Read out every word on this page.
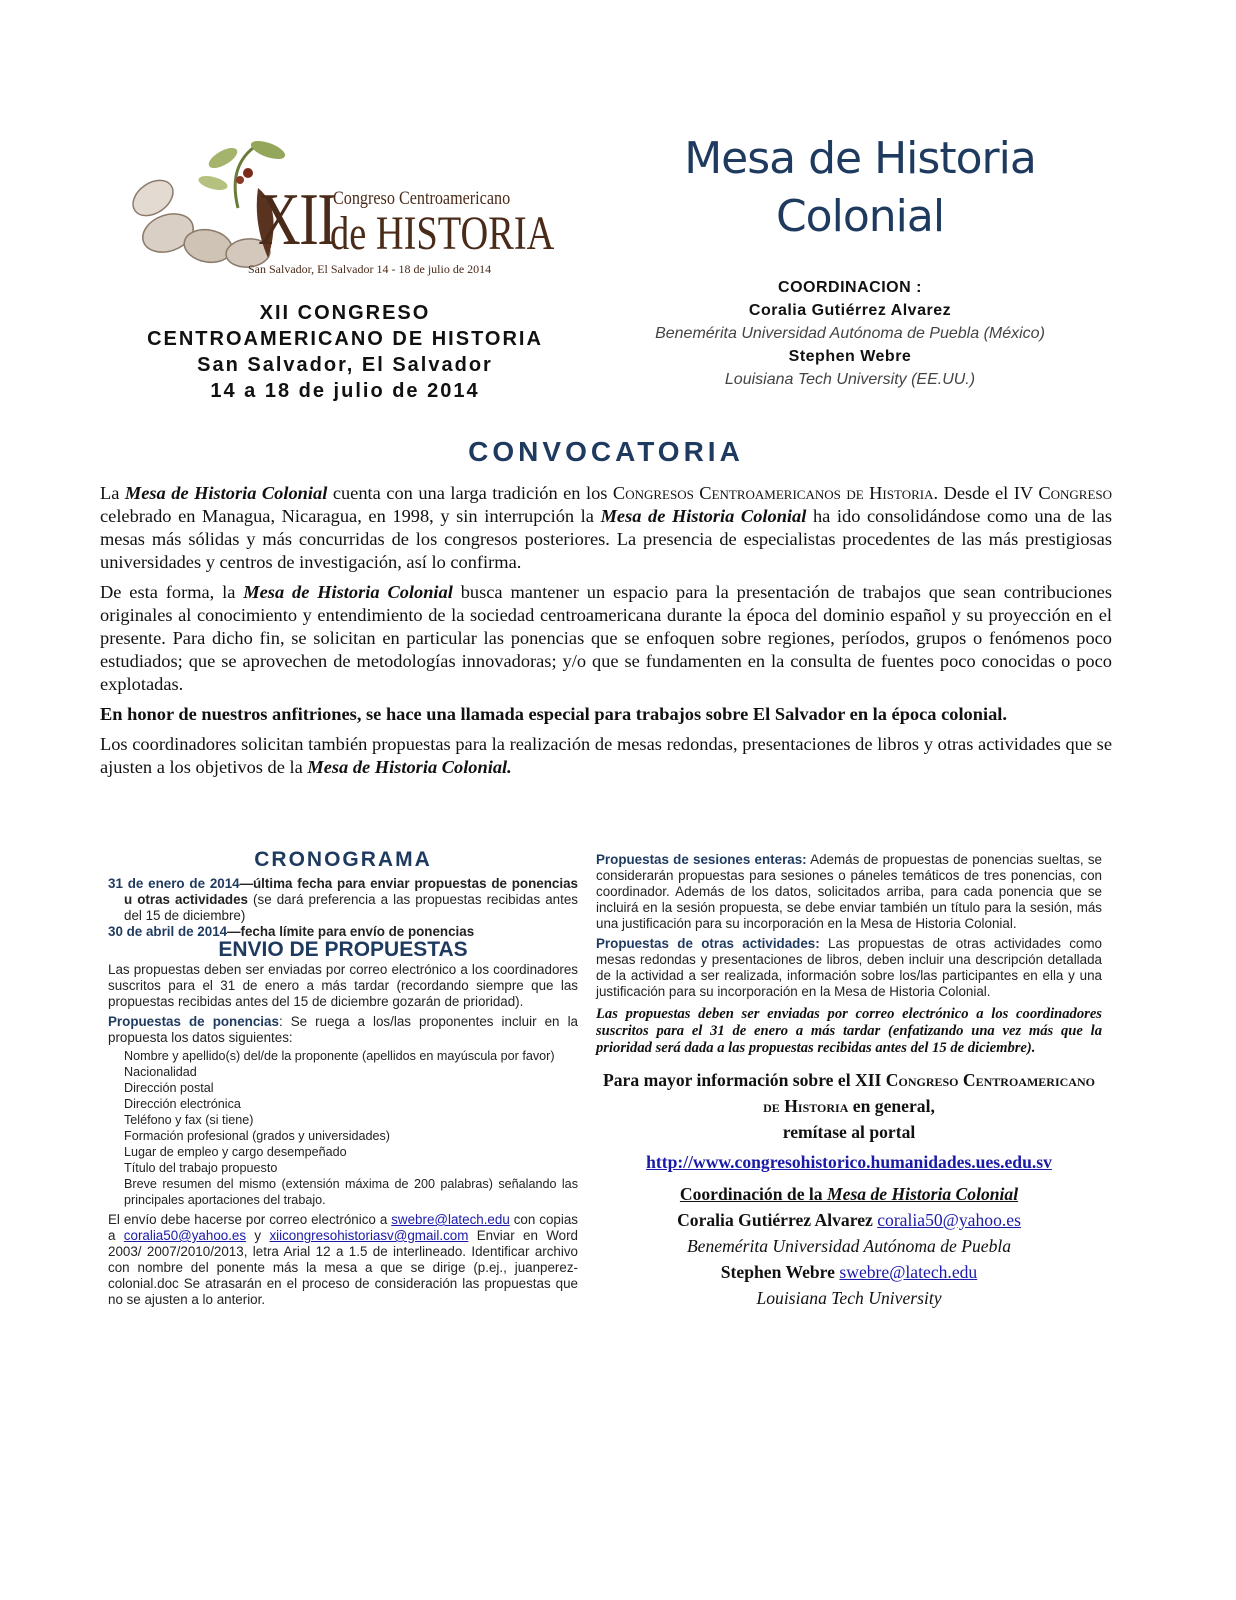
XII
Congreso Centroamericano
de HISTORIA
San Salvador, El Salvador 14 - 18 de julio de 2014
XII CONGRESO
CENTROAMERICANO DE HISTORIA
San Salvador, El Salvador
14 a 18 de julio de 2014
Mesa de Historia
Colonial
COORDINACION :
Coralia Gutiérrez Alvarez
Benemérita Universidad Autónoma de Puebla (México)
Stephen Webre
Louisiana Tech University (EE.UU.)
CONVOCATORIA

La Mesa de Historia Colonial cuenta con una larga tradición en los Congresos Centroamericanos de Historia. Desde el IV Congreso celebrado en Managua, Nicaragua, en 1998, y sin interrupción la Mesa de Historia Colonial ha ido consolidándose como una de las mesas más sólidas y más concurridas de los congresos posteriores. La presencia de especialistas procedentes de las más prestigiosas universidades y centros de investigación, así lo confirma.

De esta forma, la Mesa de Historia Colonial busca mantener un espacio para la presentación de trabajos que sean contribuciones originales al conocimiento y entendimiento de la sociedad centroamericana durante la época del dominio español y su proyección en el presente. Para dicho fin, se solicitan en particular las ponencias que se enfoquen sobre regiones, períodos, grupos o fenómenos poco estudiados; que se aprovechen de metodologías innovadoras; y/o que se fundamenten en la consulta de fuentes poco conocidas o poco explotadas.

En honor de nuestros anfitriones, se hace una llamada especial para trabajos sobre El Salvador en la época colonial.

Los coordinadores solicitan también propuestas para la realización de mesas redondas, presentaciones de libros y otras actividades que se ajusten a los objetivos de la Mesa de Historia Colonial.

CRONOGRAMA
31 de enero de 2014—última fecha para enviar propuestas de ponencias u otras actividades (se dará preferencia a las propuestas recibidas antes del 15 de diciembre)
30 de abril de 2014—fecha límite para envío de ponencias
ENVIO DE PROPUESTAS
Las propuestas deben ser enviadas por correo electrónico a los coordinadores suscritos para el 31 de enero a más tardar (recordando siempre que las propuestas recibidas antes del 15 de diciembre gozarán de prioridad).
Propuestas de ponencias: Se ruega a los/las proponentes incluir en la propuesta los datos siguientes:
Nombre y apellido(s) del/de la proponente (apellidos en mayúscula por favor)
Nacionalidad
Dirección postal
Dirección electrónica
Teléfono y fax (si tiene)
Formación profesional (grados y universidades)
Lugar de empleo y cargo desempeñado
Título del trabajo propuesto
Breve resumen del mismo (extensión máxima de 200 palabras) señalando las principales aportaciones del trabajo.
El envío debe hacerse por correo electrónico a swebre@latech.edu con copias a coralia50@yahoo.es y xiicongresohistoriasv@gmail.com Enviar en Word 2003/ 2007/2010/2013, letra Arial 12 a 1.5 de interlineado. Identificar archivo con nombre del ponente más la mesa a que se dirige (p.ej., juanperez-colonial.doc Se atrasarán en el proceso de consideración las propuestas que no se ajusten a lo anterior.
Propuestas de sesiones enteras: Además de propuestas de ponencias sueltas, se considerarán propuestas para sesiones o páneles temáticos de tres ponencias, con coordinador. Además de los datos, solicitados arriba, para cada ponencia que se incluirá en la sesión propuesta, se debe enviar también un título para la sesión, más una justificación para su incorporación en la Mesa de Historia Colonial.
Propuestas de otras actividades: Las propuestas de otras actividades como mesas redondas y presentaciones de libros, deben incluir una descripción detallada de la actividad a ser realizada, información sobre los/las participantes en ella y una justificación para su incorporación en la Mesa de Historia Colonial.
Las propuestas deben ser enviadas por correo electrónico a los coordinadores suscritos para el 31 de enero a más tardar (enfatizando una vez más que la prioridad será dada a las propuestas recibidas antes del 15 de diciembre).
Para mayor información sobre el XII Congreso Centroamericano de Historia en general,
remítase al portal
http://www.congresohistorico.humanidades.ues.edu.sv
Coordinación de la Mesa de Historia Colonial
Coralia Gutiérrez Alvarez coralia50@yahoo.es
Benemérita Universidad Autónoma de Puebla
Stephen Webre swebre@latech.edu
Louisiana Tech University
